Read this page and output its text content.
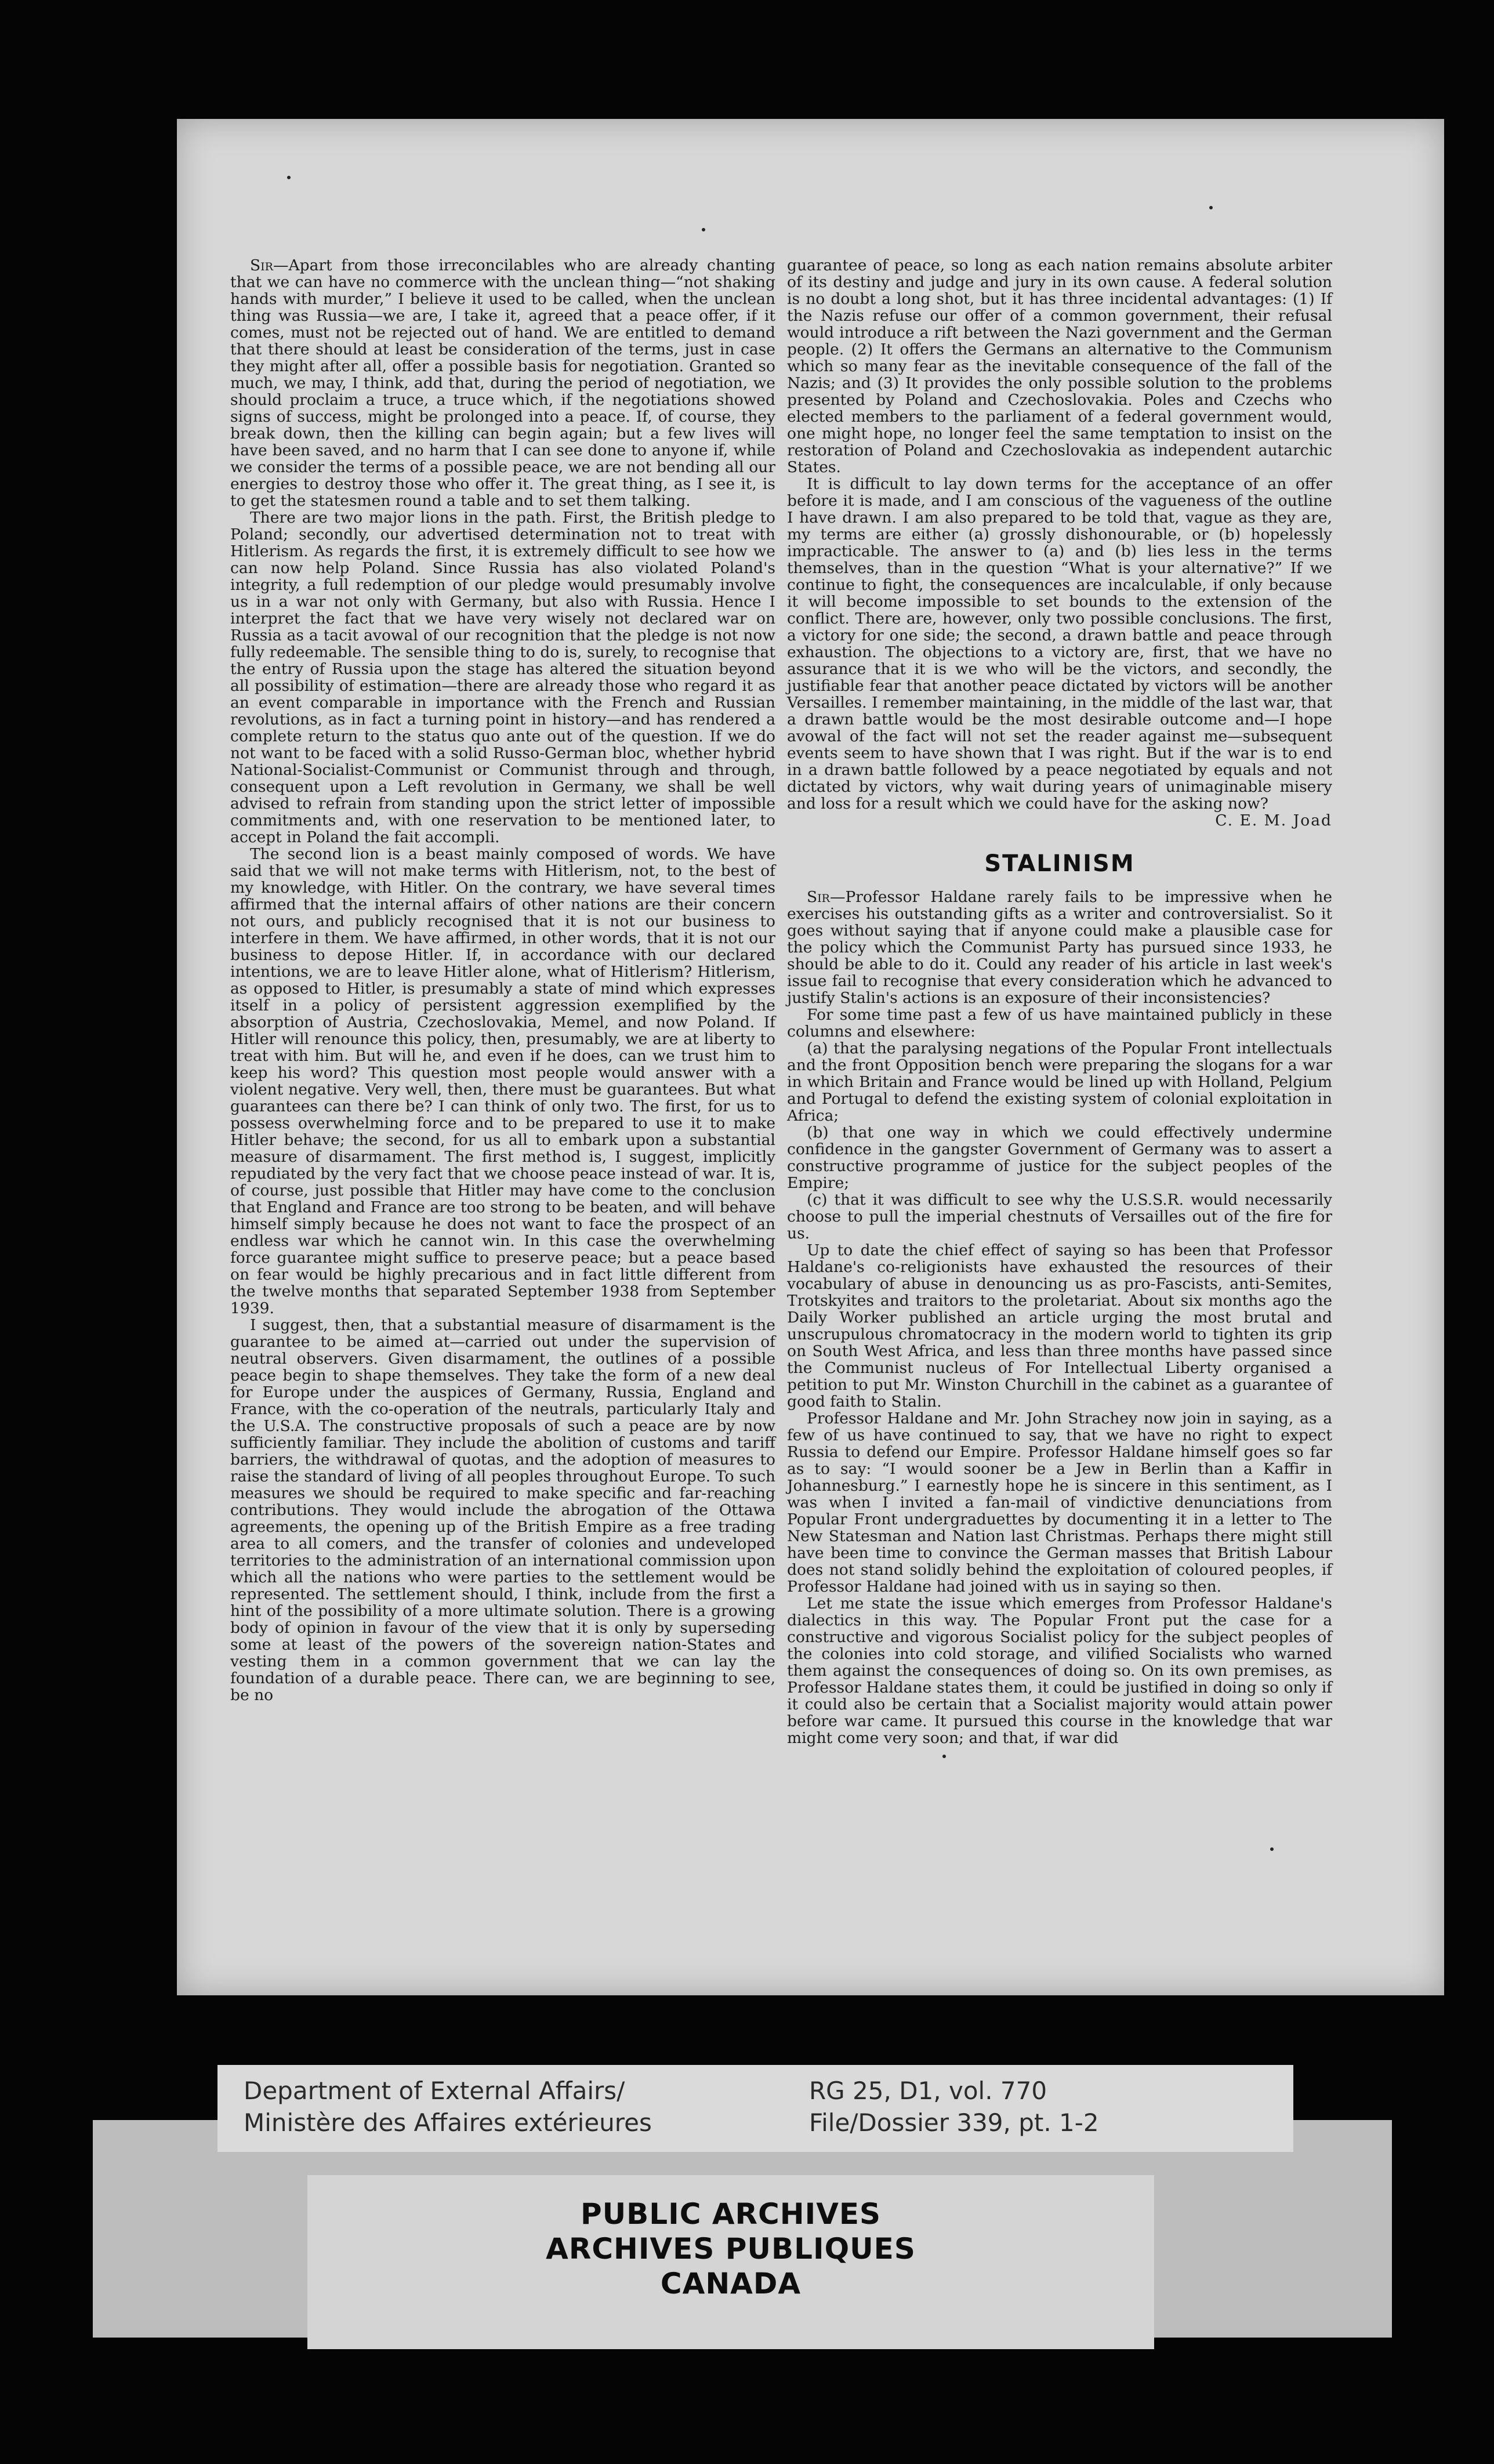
Sir—Apart from those irreconcilables who are already chanting that we can have no commerce with the unclean thing—“not shaking hands with murder,” I believe it used to be called, when the unclean thing was Russia—we are, I take it, agreed that a peace offer, if it comes, must not be rejected out of hand. We are entitled to demand that there should at least be consideration of the terms, just in case they might after all, offer a possible basis for negotiation. Granted so much, we may, I think, add that, during the period of negotiation, we should proclaim a truce, a truce which, if the negotiations showed signs of success, might be prolonged into a peace. If, of course, they break down, then the killing can begin again; but a few lives will have been saved, and no harm that I can see done to anyone if, while we consider the terms of a possible peace, we are not bending all our energies to destroy those who offer it. The great thing, as I see it, is to get the statesmen round a table and to set them talking.

There are two major lions in the path. First, the British pledge to Poland; secondly, our advertised determination not to treat with Hitlerism. As regards the first, it is extremely difficult to see how we can now help Poland. Since Russia has also violated Poland's integrity, a full redemption of our pledge would presumably involve us in a war not only with Germany, but also with Russia. Hence I interpret the fact that we have very wisely not declared war on Russia as a tacit avowal of our recognition that the pledge is not now fully redeemable. The sensible thing to do is, surely, to recognise that the entry of Russia upon the stage has altered the situation beyond all possibility of estimation—there are already those who regard it as an event comparable in importance with the French and Russian revolutions, as in fact a turning point in history—and has rendered a complete return to the status quo ante out of the question. If we do not want to be faced with a solid Russo-German bloc, whether hybrid National-Socialist-Communist or Communist through and through, consequent upon a Left revolution in Germany, we shall be well advised to refrain from standing upon the strict letter of impossible commitments and, with one reservation to be mentioned later, to accept in Poland the fait accompli.

The second lion is a beast mainly composed of words. We have said that we will not make terms with Hitlerism, not, to the best of my knowledge, with Hitler. On the contrary, we have several times affirmed that the internal affairs of other nations are their concern not ours, and publicly recognised that it is not our business to interfere in them. We have affirmed, in other words, that it is not our business to depose Hitler. If, in accordance with our declared intentions, we are to leave Hitler alone, what of Hitlerism? Hitlerism, as opposed to Hitler, is presumably a state of mind which expresses itself in a policy of persistent aggression exemplified by the absorption of Austria, Czechoslovakia, Memel, and now Poland. If Hitler will renounce this policy, then, presumably, we are at liberty to treat with him. But will he, and even if he does, can we trust him to keep his word? This question most people would answer with a violent negative. Very well, then, there must be guarantees. But what guarantees can there be? I can think of only two. The first, for us to possess overwhelming force and to be prepared to use it to make Hitler behave; the second, for us all to embark upon a substantial measure of disarmament. The first method is, I suggest, implicitly repudiated by the very fact that we choose peace instead of war. It is, of course, just possible that Hitler may have come to the conclusion that England and France are too strong to be beaten, and will behave himself simply because he does not want to face the prospect of an endless war which he cannot win. In this case the overwhelming force guarantee might suffice to preserve peace; but a peace based on fear would be highly precarious and in fact little different from the twelve months that separated September 1938 from September 1939.

I suggest, then, that a substantial measure of disarmament is the guarantee to be aimed at—carried out under the supervision of neutral observers. Given disarmament, the outlines of a possible peace begin to shape themselves. They take the form of a new deal for Europe under the auspices of Germany, Russia, England and France, with the co-operation of the neutrals, particularly Italy and the U.S.A. The constructive proposals of such a peace are by now sufficiently familiar. They include the abolition of customs and tariff barriers, the withdrawal of quotas, and the adoption of measures to raise the standard of living of all peoples throughout Europe. To such measures we should be required to make specific and far-reaching contributions. They would include the abrogation of the Ottawa agreements, the opening up of the British Empire as a free trading area to all comers, and the transfer of colonies and undeveloped territories to the administration of an international commission upon which all the nations who were parties to the settlement would be represented. The settlement should, I think, include from the first a hint of the possibility of a more ultimate solution. There is a growing body of opinion in favour of the view that it is only by superseding some at least of the powers of the sovereign nation-States and vesting them in a common government that we can lay the foundation of a durable peace. There can, we are beginning to see, be no

guarantee of peace, so long as each nation remains absolute arbiter of its destiny and judge and jury in its own cause. A federal solution is no doubt a long shot, but it has three incidental advantages: (1) If the Nazis refuse our offer of a common government, their refusal would introduce a rift between the Nazi government and the German people. (2) It offers the Germans an alternative to the Communism which so many fear as the inevitable consequence of the fall of the Nazis; and (3) It provides the only possible solution to the problems presented by Poland and Czechoslovakia. Poles and Czechs who elected members to the parliament of a federal government would, one might hope, no longer feel the same temptation to insist on the restoration of Poland and Czechoslovakia as independent autarchic States.

It is difficult to lay down terms for the acceptance of an offer before it is made, and I am conscious of the vagueness of the outline I have drawn. I am also prepared to be told that, vague as they are, my terms are either (a) grossly dishonourable, or (b) hopelessly impracticable. The answer to (a) and (b) lies less in the terms themselves, than in the question “What is your alternative?” If we continue to fight, the consequences are incalculable, if only because it will become impossible to set bounds to the extension of the conflict. There are, however, only two possible conclusions. The first, a victory for one side; the second, a drawn battle and peace through exhaustion. The objections to a victory are, first, that we have no assurance that it is we who will be the victors, and secondly, the justifiable fear that another peace dictated by victors will be another Versailles. I remember maintaining, in the middle of the last war, that a drawn battle would be the most desirable outcome and—I hope avowal of the fact will not set the reader against me—subsequent events seem to have shown that I was right. But if the war is to end in a drawn battle followed by a peace negotiated by equals and not dictated by victors, why wait during years of unimaginable misery and loss for a result which we could have for the asking now?

C. E. M. Joad

STALINISM

Sir—Professor Haldane rarely fails to be impressive when he exercises his outstanding gifts as a writer and controversialist. So it goes without saying that if anyone could make a plausible case for the policy which the Communist Party has pursued since 1933, he should be able to do it. Could any reader of his article in last week's issue fail to recognise that every consideration which he advanced to justify Stalin's actions is an exposure of their inconsistencies?

For some time past a few of us have maintained publicly in these columns and elsewhere:

(a) that the paralysing negations of the Popular Front intellectuals and the front Opposition bench were preparing the slogans for a war in which Britain and France would be lined up with Holland, Pelgium and Portugal to defend the existing system of colonial exploitation in Africa;

(b) that one way in which we could effectively undermine confidence in the gangster Government of Germany was to assert a constructive programme of justice for the subject peoples of the Empire;

(c) that it was difficult to see why the U.S.S.R. would necessarily choose to pull the imperial chestnuts of Versailles out of the fire for us.

Up to date the chief effect of saying so has been that Professor Haldane's co-religionists have exhausted the resources of their vocabulary of abuse in denouncing us as pro-Fascists, anti-Semites, Trotskyites and traitors to the proletariat. About six months ago the Daily Worker published an article urging the most brutal and unscrupulous chromatocracy in the modern world to tighten its grip on South West Africa, and less than three months have passed since the Communist nucleus of For Intellectual Liberty organised a petition to put Mr. Winston Churchill in the cabinet as a guarantee of good faith to Stalin.

Professor Haldane and Mr. John Strachey now join in saying, as a few of us have continued to say, that we have no right to expect Russia to defend our Empire. Professor Haldane himself goes so far as to say: “I would sooner be a Jew in Berlin than a Kaffir in Johannesburg.” I earnestly hope he is sincere in this sentiment, as I was when I invited a fan-mail of vindictive denunciations from Popular Front undergraduettes by documenting it in a letter to The New Statesman and Nation last Christmas. Perhaps there might still have been time to convince the German masses that British Labour does not stand solidly behind the exploitation of coloured peoples, if Professor Haldane had joined with us in saying so then.

Let me state the issue which emerges from Professor Haldane's dialectics in this way. The Popular Front put the case for a constructive and vigorous Socialist policy for the subject peoples of the colonies into cold storage, and vilified Socialists who warned them against the consequences of doing so. On its own premises, as Professor Haldane states them, it could be justified in doing so only if it could also be certain that a Socialist majority would attain power before war came. It pursued this course in the knowledge that war might come very soon; and that, if war did

PUBLIC ARCHIVES
ARCHIVES PUBLIQUES
CANADA
Department of External Affairs/
Ministère des Affaires extérieures
RG 25, D1, vol. 770
File/Dossier 339, pt. 1-2
